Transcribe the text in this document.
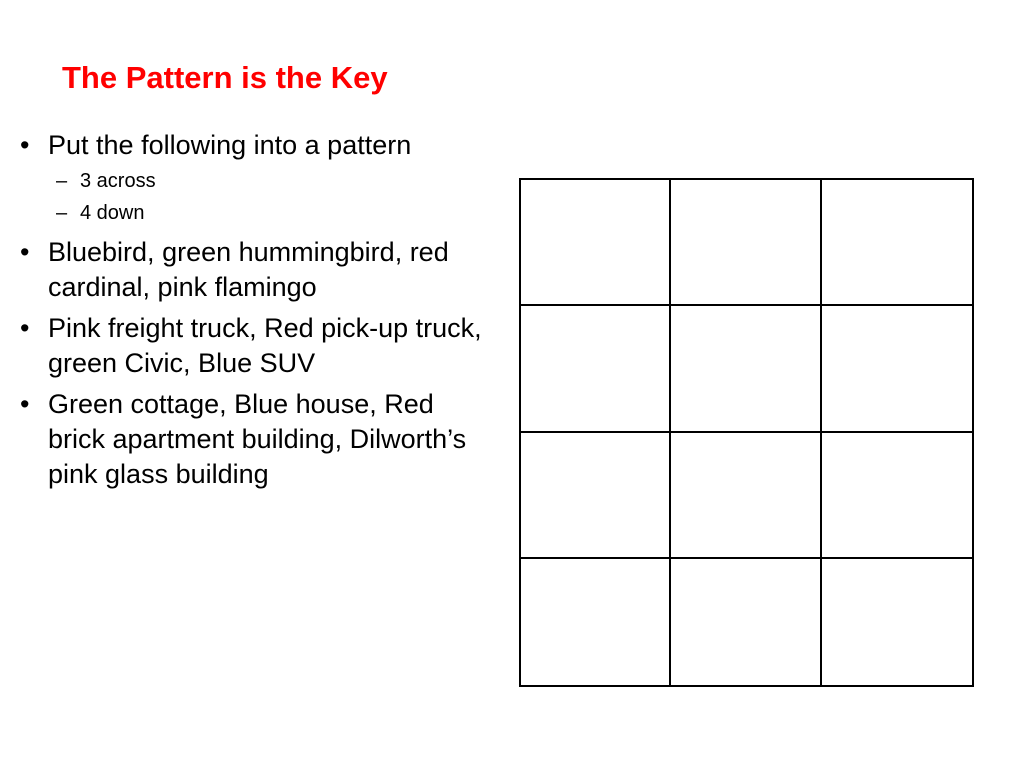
The Pattern is the Key
• Put the following into a pattern
– 3 across
– 4 down
• Bluebird, green hummingbird, red cardinal, pink flamingo
• Pink freight truck, Red pick-up truck, green Civic, Blue SUV
• Green cottage, Blue house, Red brick apartment building, Dilworth’s pink glass building
